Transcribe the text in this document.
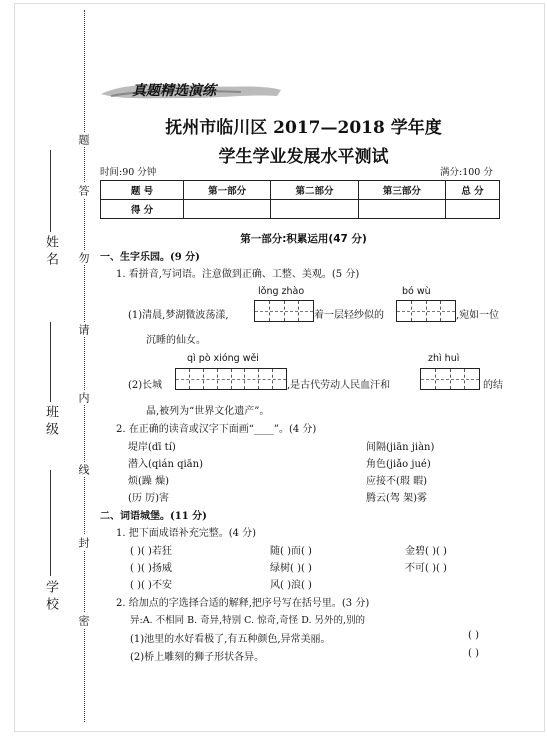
题
答
勿
请
内
线
封
密
姓名
班级
学校
真题精选演练
抚州市临川区 2017—2018 学年度
学生学业发展水平测试
时间:90 分钟	满分:100 分
题 号	第一部分	第二部分	第三部分	总 分
得 分				
第一部分:积累运用(47 分)
一、生字乐园。(9 分)
1. 看拼音,写词语。注意做到正确、工整、美观。(5 分)
lǒng zhào	bó wù
(1)清晨,梦湖微波荡漾,	着一层轻纱似的	,宛如一位
沉睡的仙女。
qì pò xióng wěi	zhì huì
(2)长城	,是古代劳动人民血汗和	的结
晶,被列为“世界文化遗产”。
2. 在正确的读音或汉字下面画“____”。(4 分)
堤岸(dī tí)	间隔(jiān jiàn)
潜入(qián qiān)	角色(jiǎo jué)
烦(躁 燥)	应接不(瑕 暇)
(历 厉)害	腾云(驾 架)雾
二、词语城堡。(11 分)
1. 把下面成语补充完整。(4 分)
( )( )若狂	随( )而( )	金碧( )( )
( )( )扬威	绿树( )( )	不可( )( )
( )( )不安	风( )浪( )
2. 给加点的字选择合适的解释,把序号写在括号里。(3 分)
异:A. 不相同 B. 奇异,特别 C. 惊奇,奇怪 D. 另外的,别的
(1)池里的水好看极了,有五种颜色,异常美丽。	( )
(2)桥上雕刻的狮子形状各异。	( )
